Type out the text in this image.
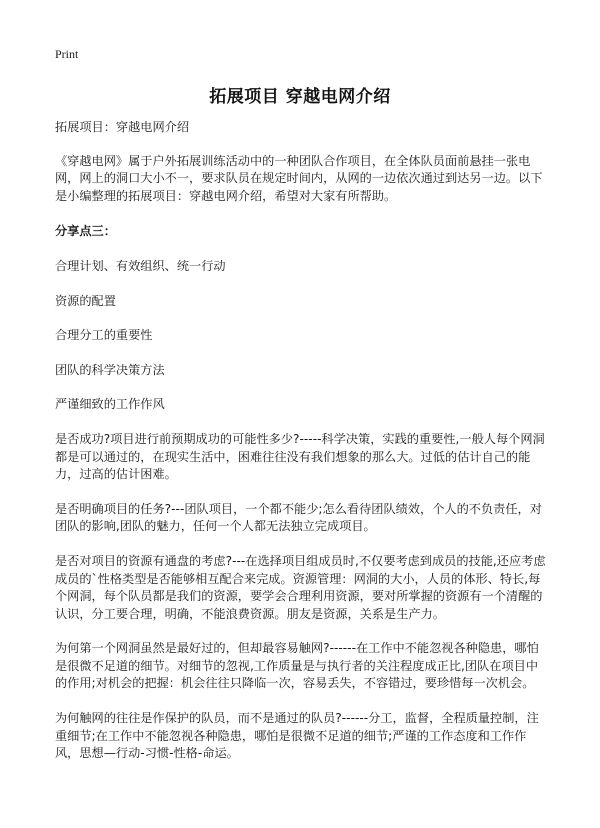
Print
拓展项目 穿越电网介绍

拓展项目：穿越电网介绍

《穿越电网》属于户外拓展训练活动中的一种团队合作项目，在全体队员面前悬挂一张电网，网上的洞口大小不一，要求队员在规定时间内，从网的一边依次通过到达另一边。以下是小编整理的拓展项目：穿越电网介绍，希望对大家有所帮助。

分享点三：

合理计划、有效组织、统一行动

资源的配置

合理分工的重要性

团队的科学决策方法

严谨细致的工作作风

是否成功?项目进行前预期成功的可能性多少?-----科学决策，实践的重要性,一般人每个网洞都是可以通过的，在现实生活中，困难往往没有我们想象的那么大。过低的估计自己的能力，过高的估计困难。

是否明确项目的任务?---团队项目，一个都不能少;怎么看待团队绩效，个人的不负责任，对团队的影响,团队的魅力，任何一个人都无法独立完成项目。

是否对项目的资源有通盘的考虑?---在选择项目组成员时,不仅要考虑到成员的技能,还应考虑成员的`性格类型是否能够相互配合来完成。资源管理：网洞的大小，人员的体形、特长,每个网洞，每个队员都是我们的资源，要学会合理利用资源，要对所掌握的资源有一个清醒的认识，分工要合理，明确，不能浪费资源。朋友是资源，关系是生产力。

为何第一个网洞虽然是最好过的，但却最容易触网?------在工作中不能忽视各种隐患，哪怕是很微不足道的细节。对细节的忽视,工作质量是与执行者的关注程度成正比,团队在项目中的作用;对机会的把握：机会往往只降临一次，容易丢失，不容错过，要珍惜每一次机会。

为何触网的往往是作保护的队员，而不是通过的队员?------分工，监督，全程质量控制，注重细节;在工作中不能忽视各种隐患，哪怕是很微不足道的细节;严谨的工作态度和工作作风，思想—行动-习惯-性格-命运。
